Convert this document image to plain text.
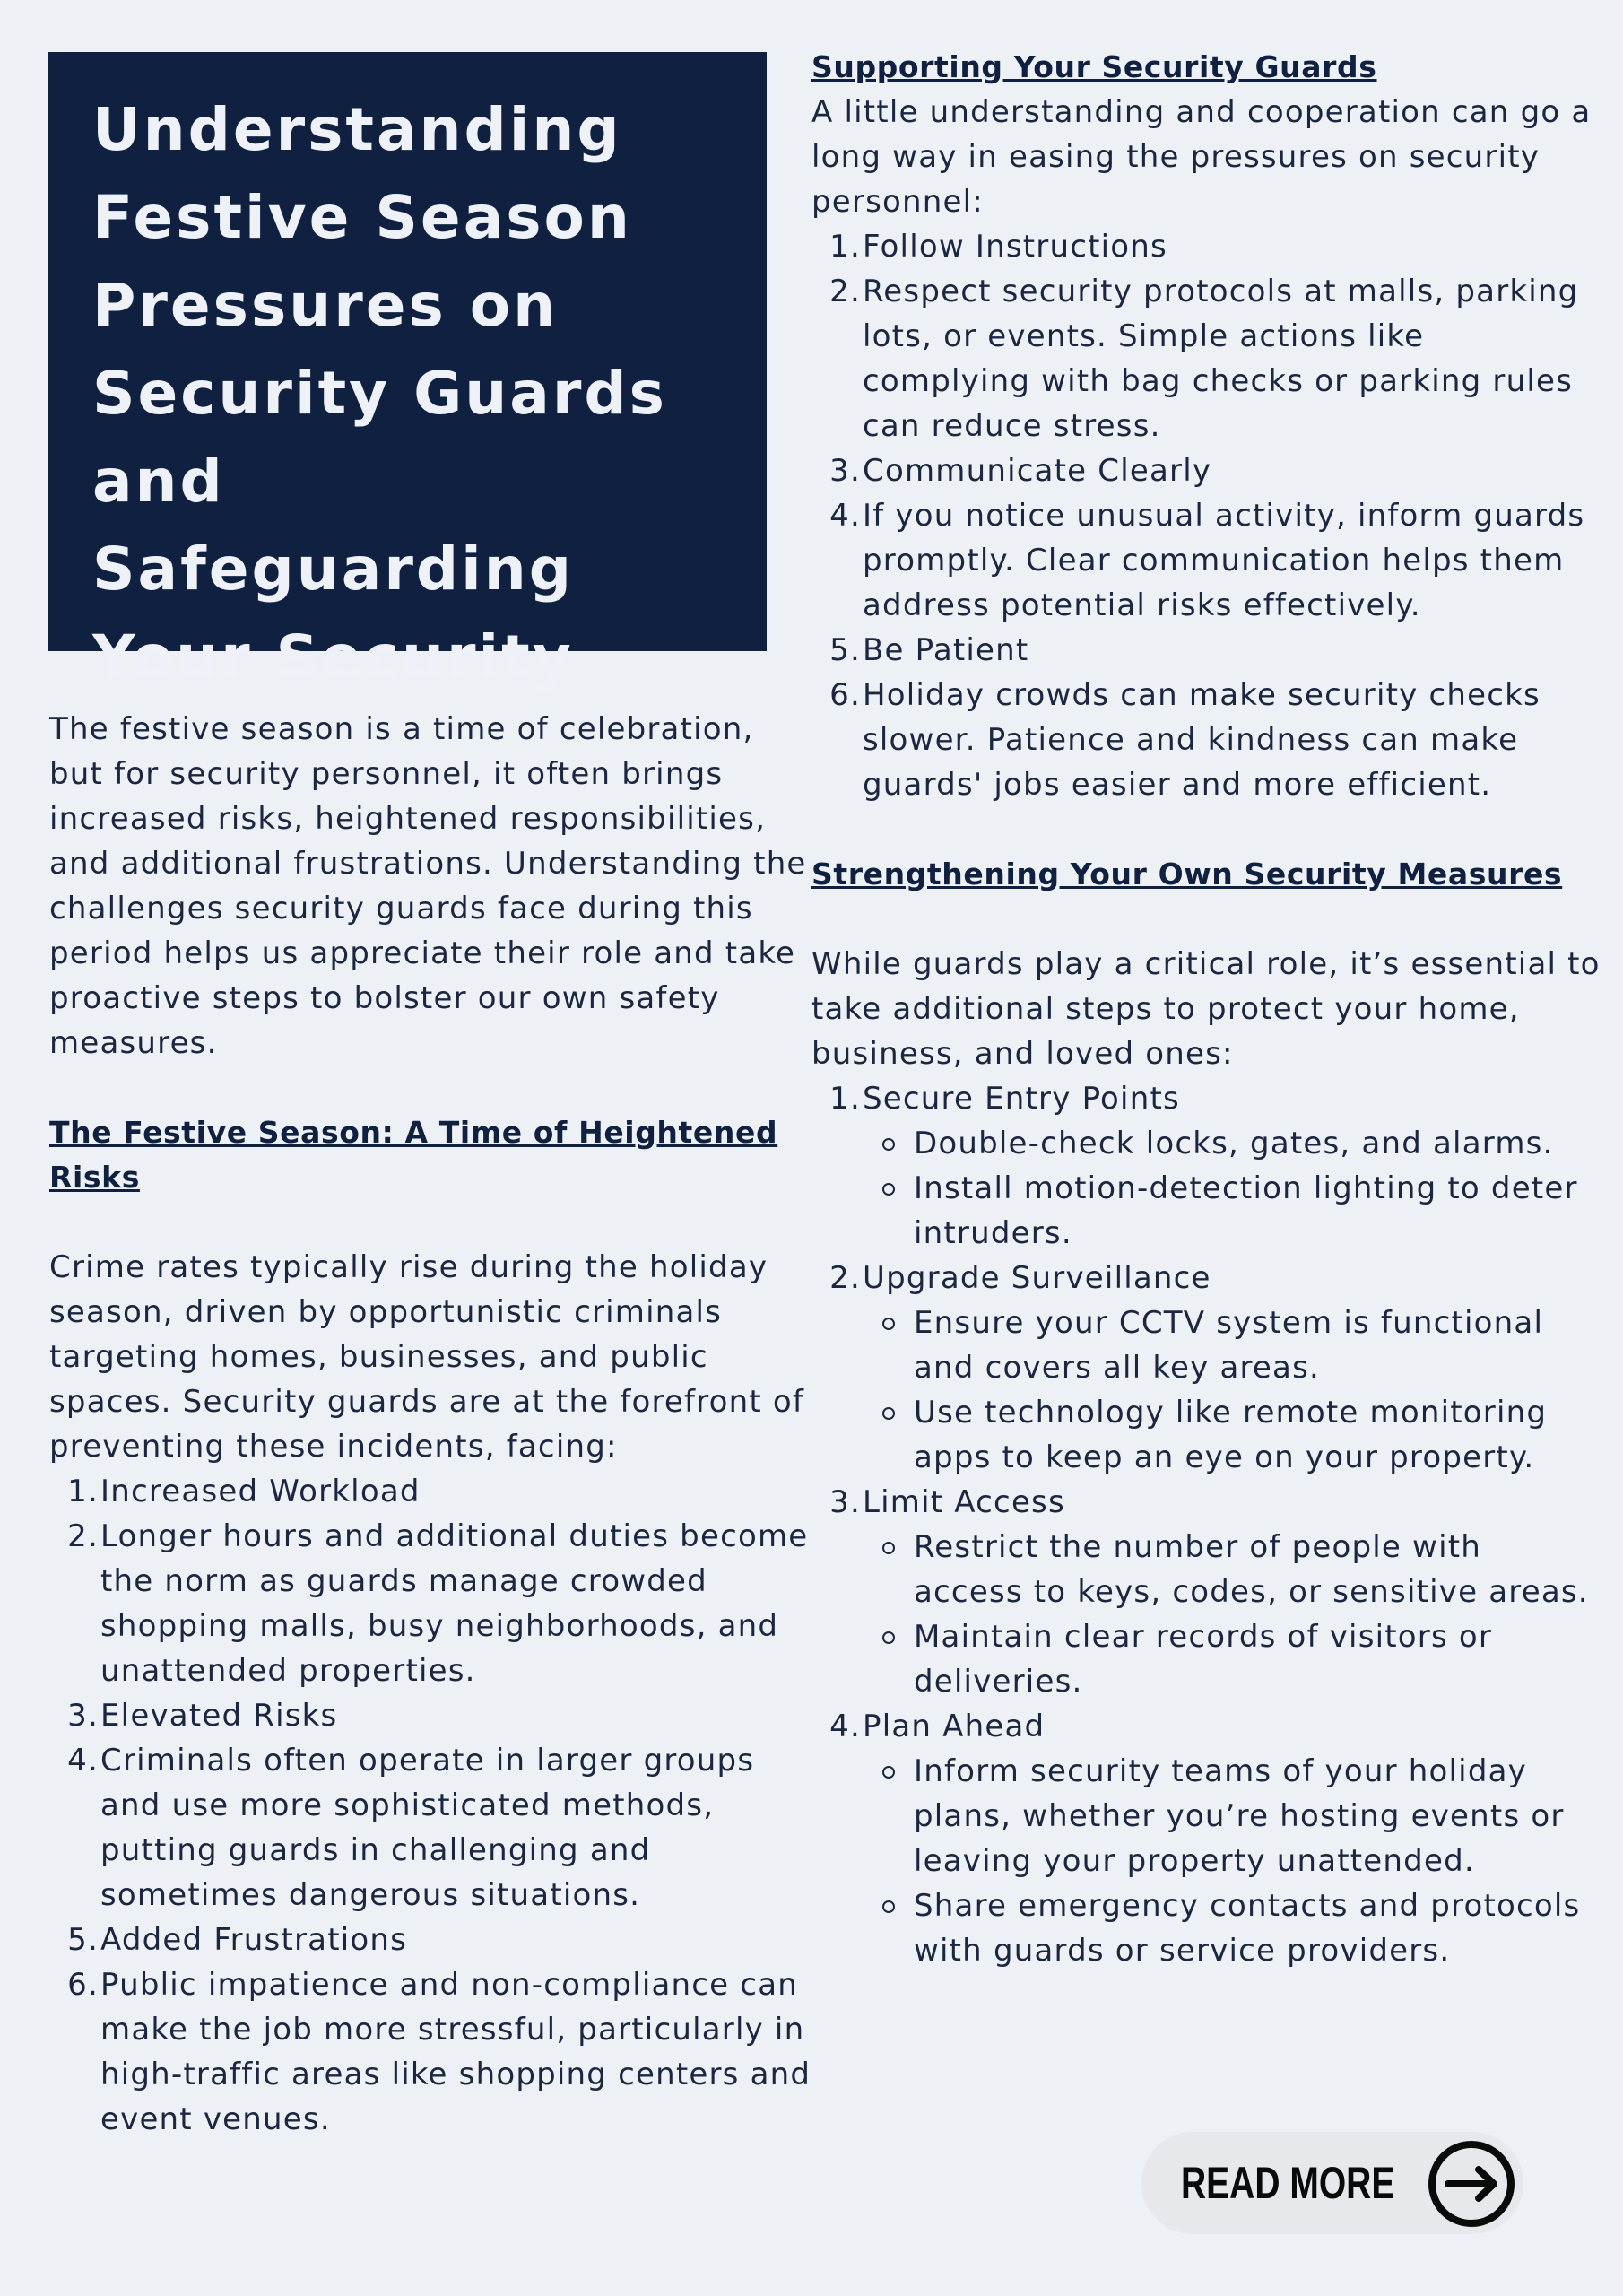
Understanding Festive Season Pressures on Security Guards and Safeguarding Your Security

The festive season is a time of celebration, but for security personnel, it often brings increased risks, heightened responsibilities, and additional frustrations. Understanding the challenges security guards face during this period helps us appreciate their role and take proactive steps to bolster our own safety measures.

The Festive Season: A Time of Heightened Risks

Crime rates typically rise during the holiday season, driven by opportunistic criminals targeting homes, businesses, and public spaces. Security guards are at the forefront of preventing these incidents, facing:

1. Increased Workload
2. Longer hours and additional duties become the norm as guards manage crowded shopping malls, busy neighborhoods, and unattended properties.
3. Elevated Risks
4. Criminals often operate in larger groups and use more sophisticated methods, putting guards in challenging and sometimes dangerous situations.
5. Added Frustrations
6. Public impatience and non-compliance can make the job more stressful, particularly in high-traffic areas like shopping centers and event venues.

Supporting Your Security Guards

A little understanding and cooperation can go a long way in easing the pressures on security personnel:

1. Follow Instructions
2. Respect security protocols at malls, parking lots, or events. Simple actions like complying with bag checks or parking rules can reduce stress.
3. Communicate Clearly
4. If you notice unusual activity, inform guards promptly. Clear communication helps them address potential risks effectively.
5. Be Patient
6. Holiday crowds can make security checks slower. Patience and kindness can make guards' jobs easier and more efficient.

Strengthening Your Own Security Measures

While guards play a critical role, it’s essential to take additional steps to protect your home, business, and loved ones:

1. Secure Entry Points
Double-check locks, gates, and alarms.
Install motion-detection lighting to deter intruders.
2. Upgrade Surveillance
Ensure your CCTV system is functional and covers all key areas.
Use technology like remote monitoring apps to keep an eye on your property.
3. Limit Access
Restrict the number of people with access to keys, codes, or sensitive areas.
Maintain clear records of visitors or deliveries.
4. Plan Ahead
Inform security teams of your holiday plans, whether you’re hosting events or leaving your property unattended.
Share emergency contacts and protocols with guards or service providers.
READ MORE
